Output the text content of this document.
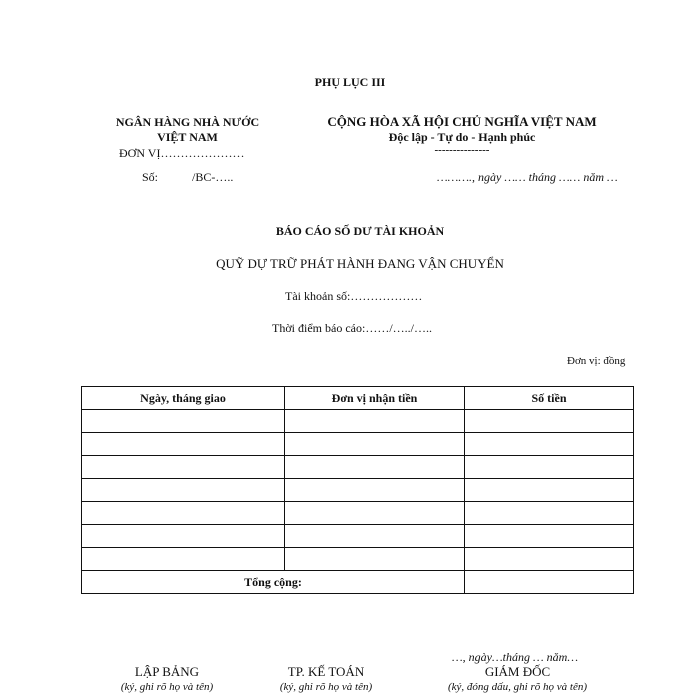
PHỤ LỤC III
NGÂN HÀNG NHÀ NƯỚC
VIỆT NAM
ĐƠN VỊ…………………
Số:	/BC-…..
CỘNG HÒA XÃ HỘI CHỦ NGHĨA VIỆT NAM
Độc lập - Tự do - Hạnh phúc
---------------
………., ngày …… tháng …… năm …
BÁO CÁO SỐ DƯ TÀI KHOẢN
QUỸ DỰ TRỮ PHÁT HÀNH ĐANG VẬN CHUYỂN
Tài khoản số:………………
Thời điểm báo cáo:……/…../…..
Đơn vị: đồng
Ngày, tháng giao	Đơn vị nhận tiền	Số tiền

Tổng cộng:		
…, ngày…tháng … năm…
LẬP BẢNG
(ký, ghi rõ họ và tên)
TP. KẾ TOÁN
(ký, ghi rõ họ và tên)
GIÁM ĐỐC
(ký, đóng dấu, ghi rõ họ và tên)
